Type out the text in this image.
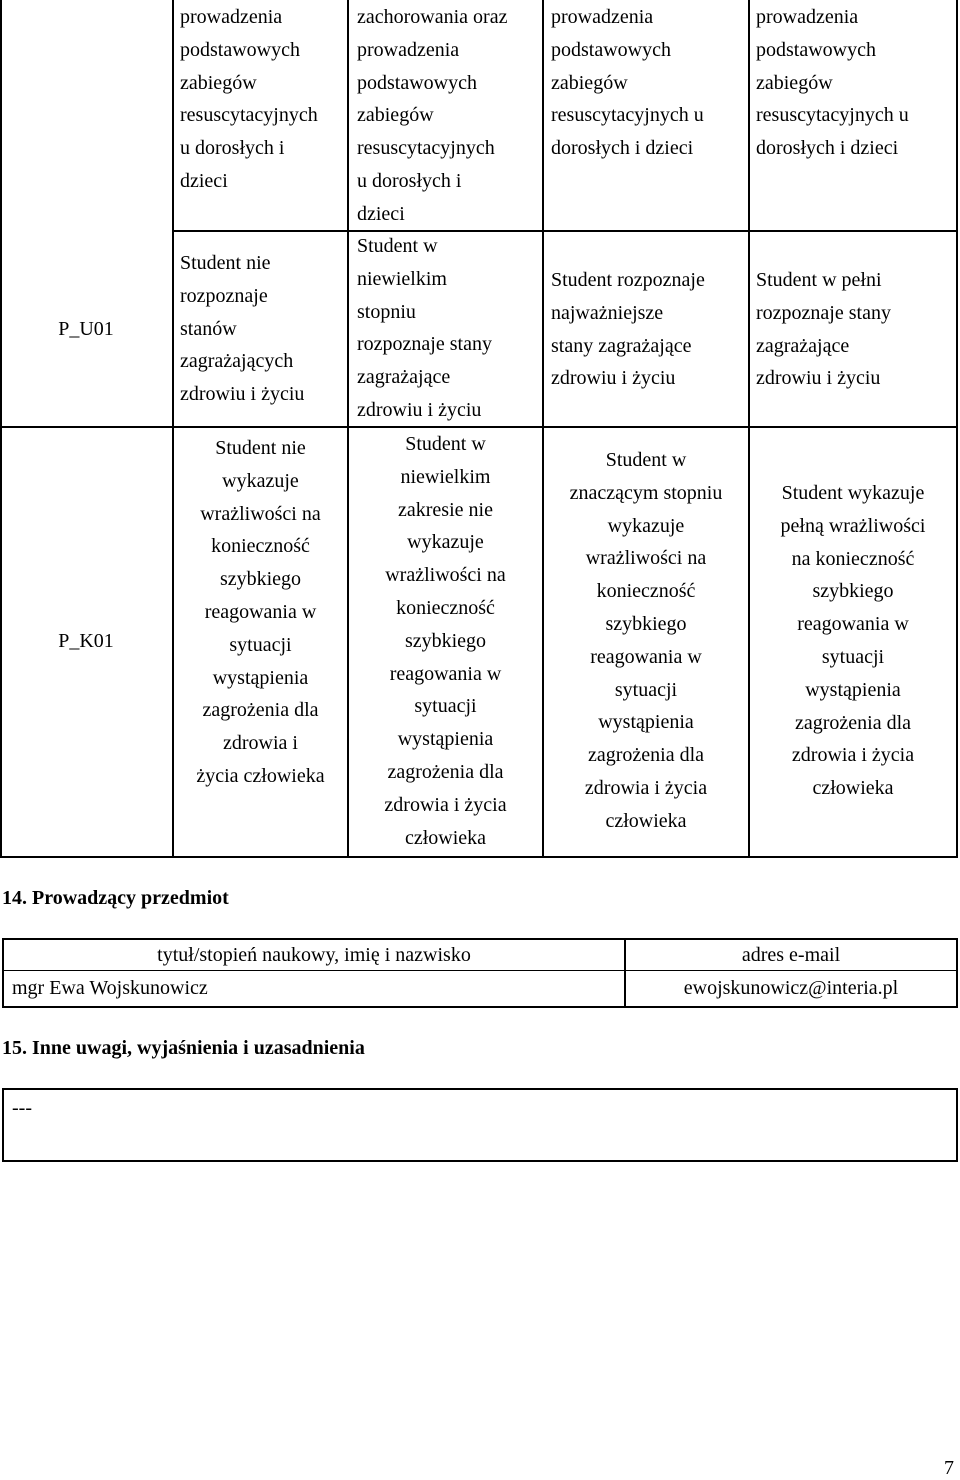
prowadzenia
podstawowych
zabiegów
resuscytacyjnych
u dorosłych i
dzieci
zachorowania oraz
prowadzenia
podstawowych
zabiegów
resuscytacyjnych
u dorosłych i
dzieci
prowadzenia
podstawowych
zabiegów
resuscytacyjnych u
dorosłych i dzieci
prowadzenia
podstawowych
zabiegów
resuscytacyjnych u
dorosłych i dzieci
P_U01
Student nie
rozpoznaje
stanów
zagrażających
zdrowiu i życiu
Student w
niewielkim
stopniu
rozpoznaje stany
zagrażające
zdrowiu i życiu
Student rozpoznaje
najważniejsze
stany zagrażające
zdrowiu i życiu
Student w pełni
rozpoznaje stany
zagrażające
zdrowiu i życiu
P_K01
Student nie
wykazuje
wrażliwości na
konieczność
szybkiego
reagowania w
sytuacji
wystąpienia
zagrożenia dla
zdrowia i
życia człowieka
Student w
niewielkim
zakresie nie
wykazuje
wrażliwości na
konieczność
szybkiego
reagowania w
sytuacji
wystąpienia
zagrożenia dla
zdrowia i życia
człowieka
Student w
znaczącym stopniu
wykazuje
wrażliwości na
konieczność
szybkiego
reagowania w
sytuacji
wystąpienia
zagrożenia dla
zdrowia i życia
człowieka
Student wykazuje
pełną wrażliwości
na konieczność
szybkiego
reagowania w
sytuacji
wystąpienia
zagrożenia dla
zdrowia i życia
człowieka
14. Prowadzący przedmiot
tytuł/stopień naukowy, imię i nazwisko	adres e-mail
mgr Ewa Wojskunowicz	ewojskunowicz@interia.pl
15. Inne uwagi, wyjaśnienia i uzasadnienia
---
7
